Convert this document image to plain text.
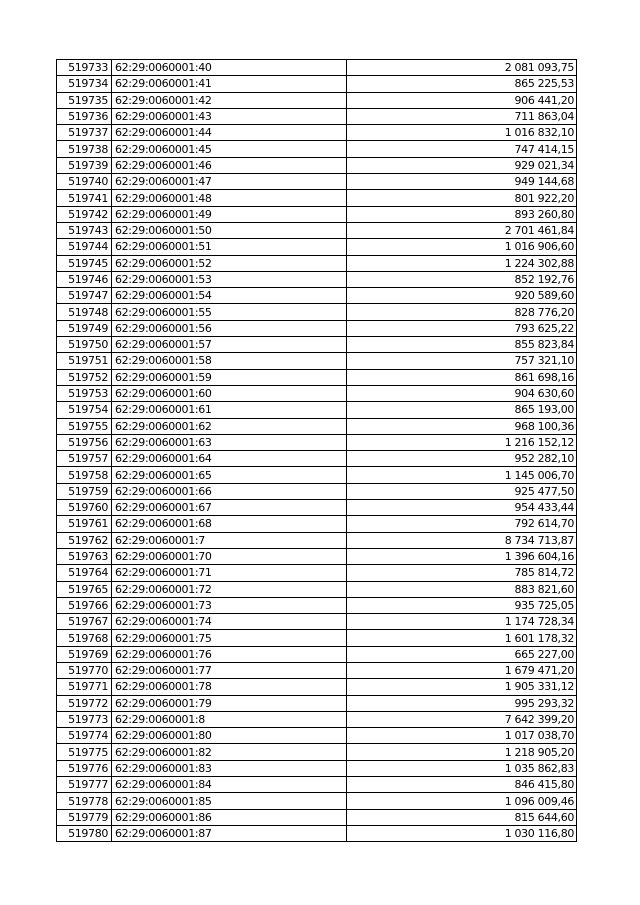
519733	62:29:0060001:40	2 081 093,75
519734	62:29:0060001:41	865 225,53
519735	62:29:0060001:42	906 441,20
519736	62:29:0060001:43	711 863,04
519737	62:29:0060001:44	1 016 832,10
519738	62:29:0060001:45	747 414,15
519739	62:29:0060001:46	929 021,34
519740	62:29:0060001:47	949 144,68
519741	62:29:0060001:48	801 922,20
519742	62:29:0060001:49	893 260,80
519743	62:29:0060001:50	2 701 461,84
519744	62:29:0060001:51	1 016 906,60
519745	62:29:0060001:52	1 224 302,88
519746	62:29:0060001:53	852 192,76
519747	62:29:0060001:54	920 589,60
519748	62:29:0060001:55	828 776,20
519749	62:29:0060001:56	793 625,22
519750	62:29:0060001:57	855 823,84
519751	62:29:0060001:58	757 321,10
519752	62:29:0060001:59	861 698,16
519753	62:29:0060001:60	904 630,60
519754	62:29:0060001:61	865 193,00
519755	62:29:0060001:62	968 100,36
519756	62:29:0060001:63	1 216 152,12
519757	62:29:0060001:64	952 282,10
519758	62:29:0060001:65	1 145 006,70
519759	62:29:0060001:66	925 477,50
519760	62:29:0060001:67	954 433,44
519761	62:29:0060001:68	792 614,70
519762	62:29:0060001:7	8 734 713,87
519763	62:29:0060001:70	1 396 604,16
519764	62:29:0060001:71	785 814,72
519765	62:29:0060001:72	883 821,60
519766	62:29:0060001:73	935 725,05
519767	62:29:0060001:74	1 174 728,34
519768	62:29:0060001:75	1 601 178,32
519769	62:29:0060001:76	665 227,00
519770	62:29:0060001:77	1 679 471,20
519771	62:29:0060001:78	1 905 331,12
519772	62:29:0060001:79	995 293,32
519773	62:29:0060001:8	7 642 399,20
519774	62:29:0060001:80	1 017 038,70
519775	62:29:0060001:82	1 218 905,20
519776	62:29:0060001:83	1 035 862,83
519777	62:29:0060001:84	846 415,80
519778	62:29:0060001:85	1 096 009,46
519779	62:29:0060001:86	815 644,60
519780	62:29:0060001:87	1 030 116,80
